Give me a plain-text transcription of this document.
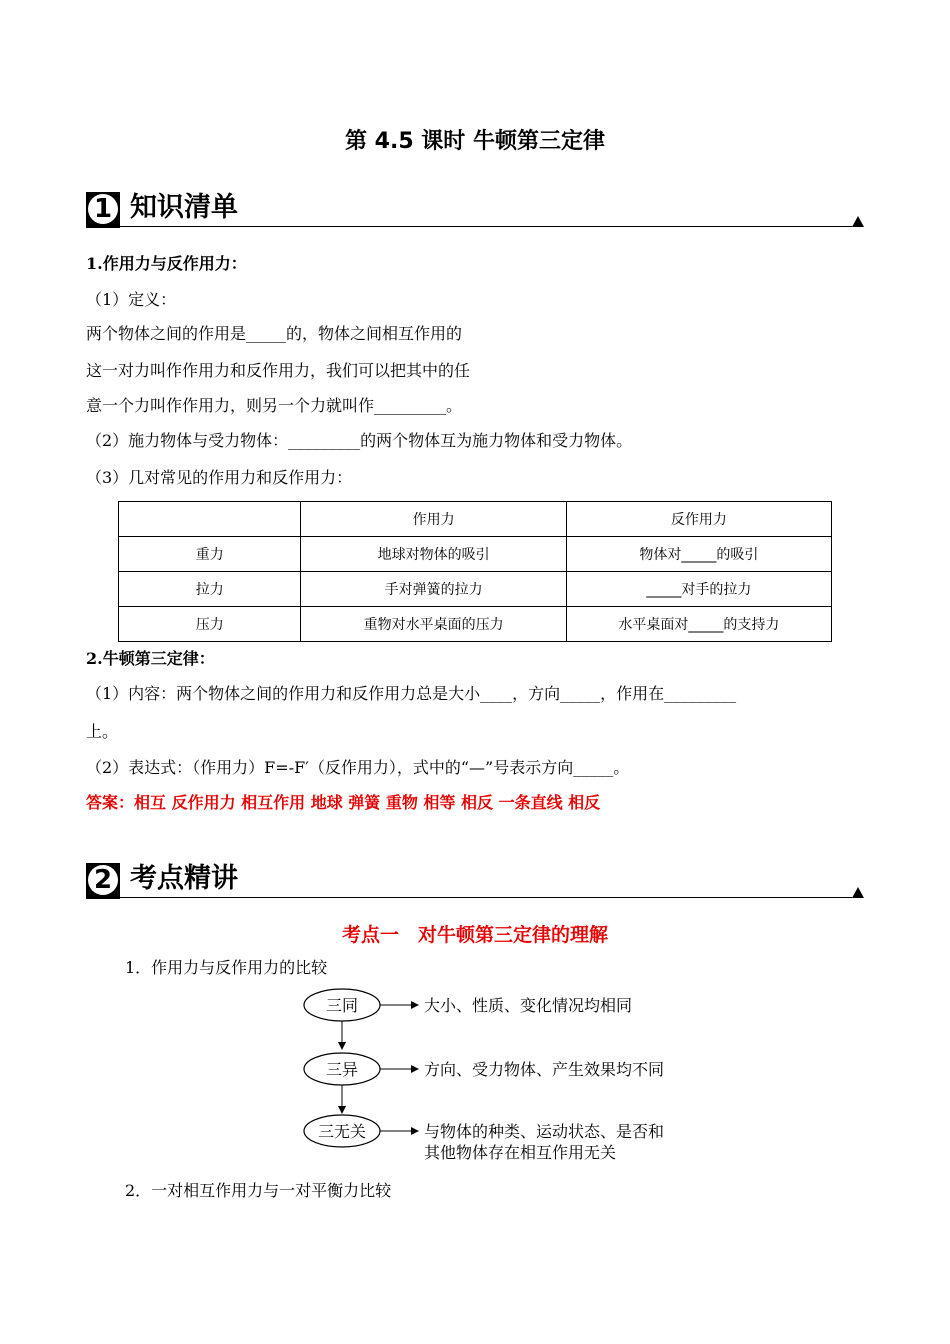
第 4.5 课时 牛顿第三定律
1 知识清单
1.作用力与反作用力：
（1）定义：
两个物体之间的作用是_____的，物体之间相互作用的
这一对力叫作作用力和反作用力，我们可以把其中的任
意一个力叫作作用力，则另一个力就叫作_________。
（2）施力物体与受力物体：_________的两个物体互为施力物体和受力物体。
（3）几对常见的作用力和反作用力：
	作用力	反作用力
重力	地球对物体的吸引	物体对_____的吸引
拉力	手对弹簧的拉力	_____对手的拉力
压力	重物对水平桌面的压力	水平桌面对_____的支持力
2.牛顿第三定律：
（1）内容：两个物体之间的作用力和反作用力总是大小____，方向_____，作用在_________
上。
（2）表达式：（作用力）F=-F′（反作用力），式中的“—”号表示方向_____。
答案：相互 反作用力 相互作用 地球 弹簧 重物 相等 相反 一条直线 相反
2 考点精讲
考点一　对牛顿第三定律的理解
1．作用力与反作用力的比较
三同	大小、性质、变化情况均相同
三异	方向、受力物体、产生效果均不同
三无关	与物体的种类、运动状态、是否和
其他物体存在相互作用无关
2．一对相互作用力与一对平衡力比较
